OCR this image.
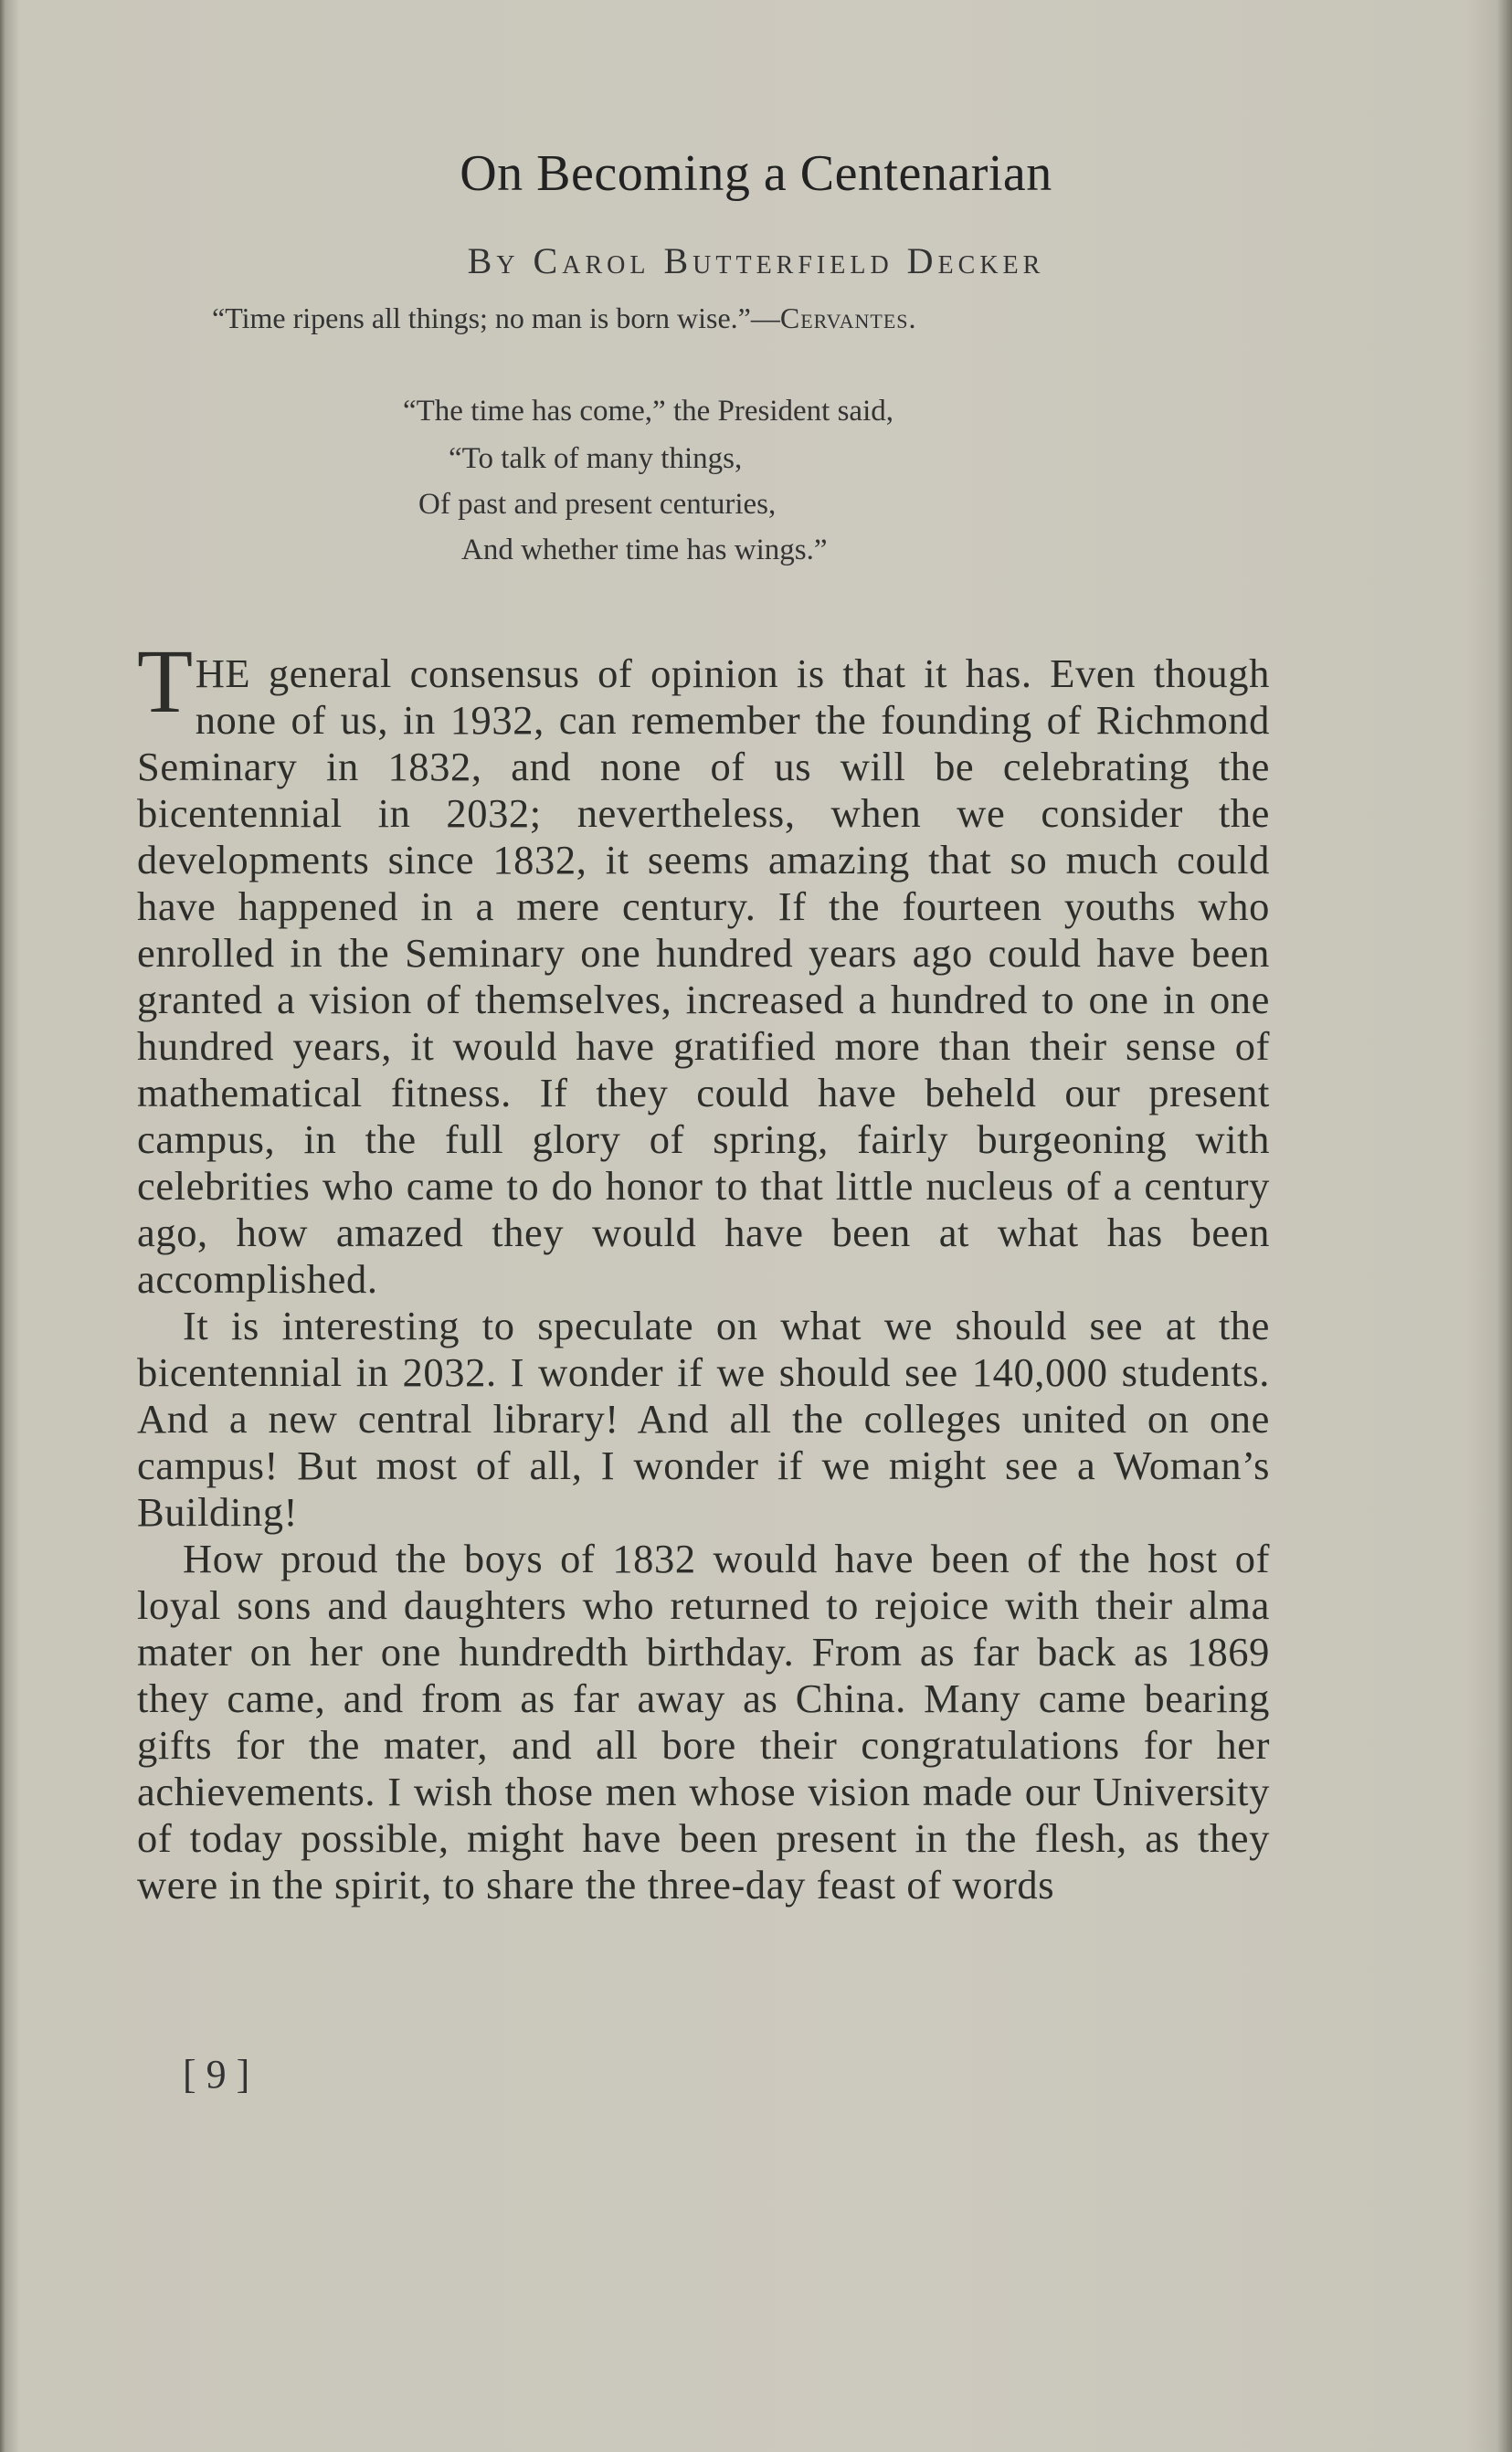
On Becoming a Centenarian
By Carol Butterfield Decker
“Time ripens all things; no man is born wise.”—Cervantes.
“The time has come,” the President said,
“To talk of many things,
Of past and present centuries,
And whether time has wings.”

THE general consensus of opinion is that it has. Even though none of us, in 1932, can remember the founding of Richmond Seminary in 1832, and none of us will be celebrating the bicentennial in 2032; nevertheless, when we consider the developments since 1832, it seems amazing that so much could have happened in a mere century. If the fourteen youths who enrolled in the Seminary one hundred years ago could have been granted a vision of themselves, increased a hundred to one in one hundred years, it would have gratified more than their sense of mathematical fitness. If they could have beheld our present campus, in the full glory of spring, fairly burgeoning with celebrities who came to do honor to that little nucleus of a century ago, how amazed they would have been at what has been accomplished.

It is interesting to speculate on what we should see at the bicentennial in 2032. I wonder if we should see 140,000 students. And a new central library! And all the colleges united on one campus! But most of all, I wonder if we might see a Woman’s Building!

How proud the boys of 1832 would have been of the host of loyal sons and daughters who returned to rejoice with their alma mater on her one hundredth birthday. From as far back as 1869 they came, and from as far away as China. Many came bearing gifts for the mater, and all bore their congratulations for her achievements. I wish those men whose vision made our University of today possible, might have been present in the flesh, as they were in the spirit, to share the three-day feast of words

[ 9 ]
